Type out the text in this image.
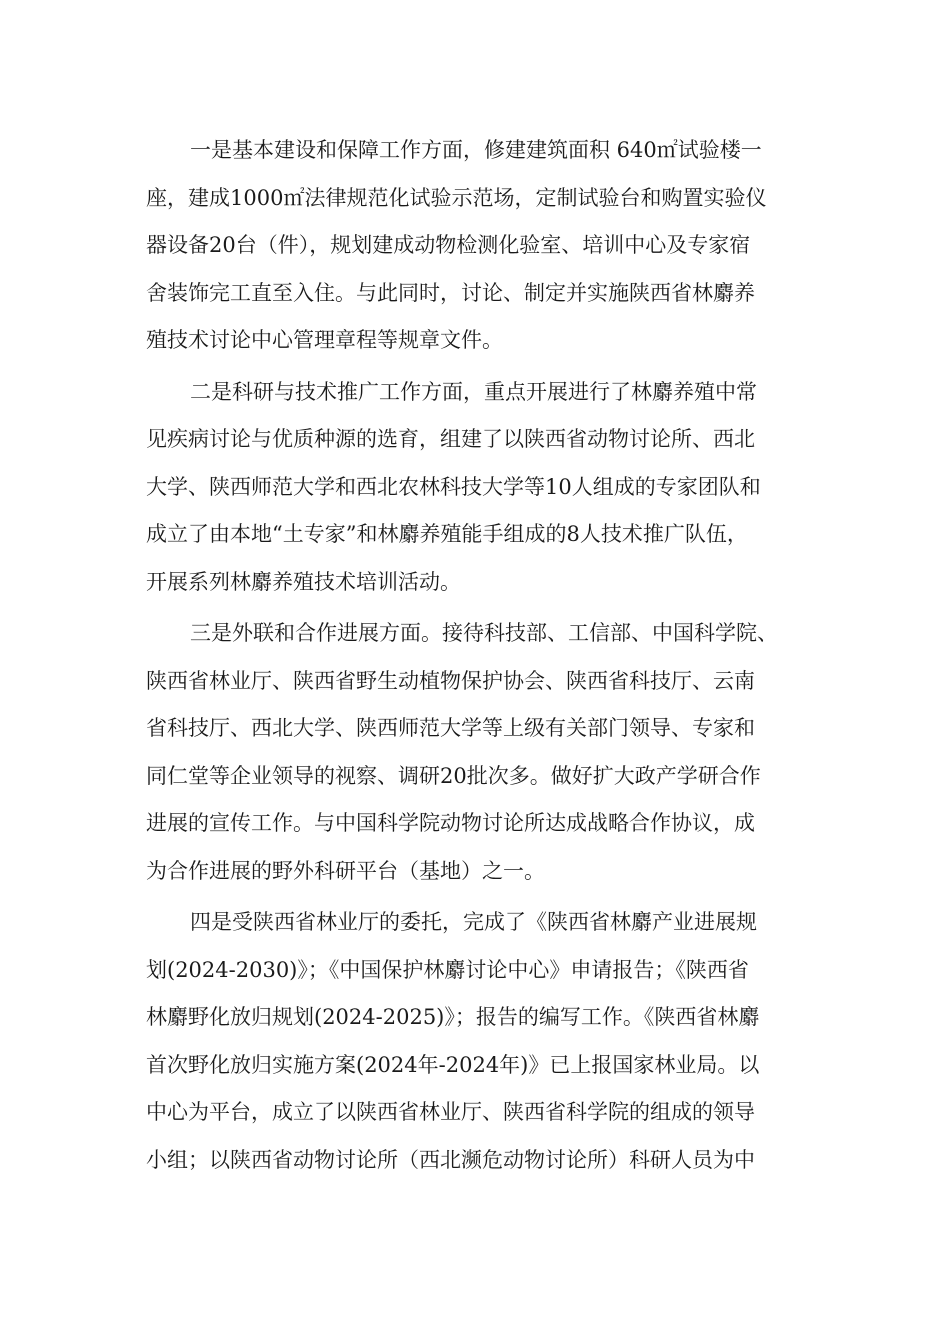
一是基本建设和保障工作方面，修建建筑面积 640㎡试验楼一
座，建成1000㎡法律规范化试验示范场，定制试验台和购置实验仪
器设备20台（件），规划建成动物检测化验室、培训中心及专家宿
舍装饰完工直至入住。与此同时，讨论、制定并实施陕西省林麝养
殖技术讨论中心管理章程等规章文件。

二是科研与技术推广工作方面，重点开展进行了林麝养殖中常
见疾病讨论与优质种源的选育，组建了以陕西省动物讨论所、西北
大学、陕西师范大学和西北农林科技大学等10人组成的专家团队和
成立了由本地“土专家”和林麝养殖能手组成的8人技术推广队伍，
开展系列林麝养殖技术培训活动。

三是外联和合作进展方面。接待科技部、工信部、中国科学院、
陕西省林业厅、陕西省野生动植物保护协会、陕西省科技厅、云南
省科技厅、西北大学、陕西师范大学等上级有关部门领导、专家和
同仁堂等企业领导的视察、调研20批次多。做好扩大政产学研合作
进展的宣传工作。与中国科学院动物讨论所达成战略合作协议，成
为合作进展的野外科研平台（基地）之一。

四是受陕西省林业厅的委托，完成了《陕西省林麝产业进展规
划(2024-2030)》；《中国保护林麝讨论中心》申请报告；《陕西省
林麝野化放归规划(2024-2025)》；报告的编写工作。《陕西省林麝
首次野化放归实施方案(2024年-2024年)》已上报国家林业局。以
中心为平台，成立了以陕西省林业厅、陕西省科学院的组成的领导
小组；以陕西省动物讨论所（西北濒危动物讨论所）科研人员为中
